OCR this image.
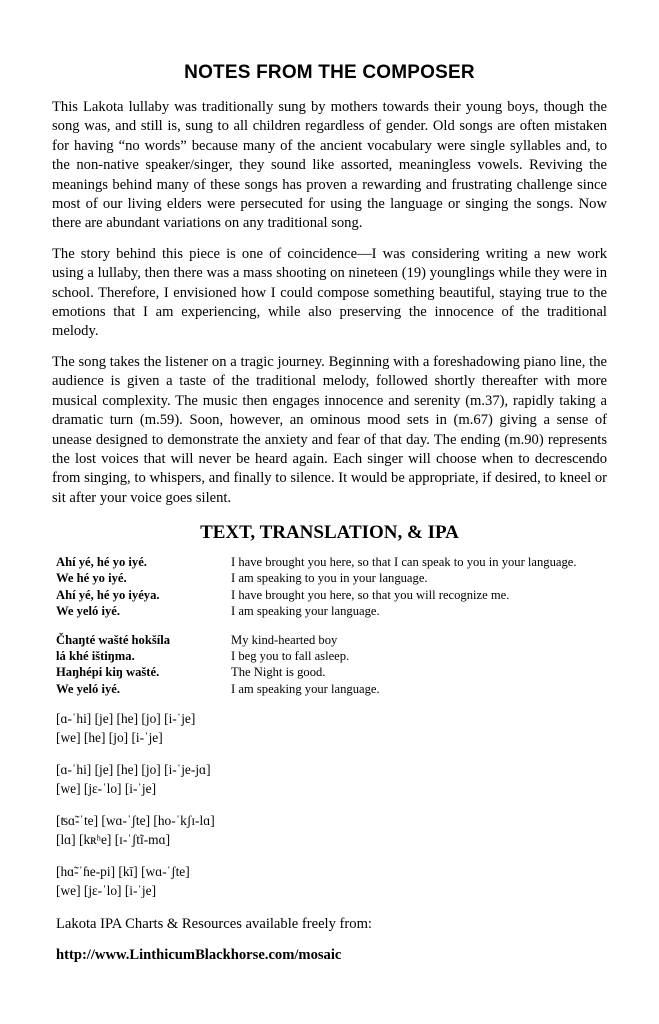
NOTES FROM THE COMPOSER

This Lakota lullaby was traditionally sung by mothers towards their young boys, though the song was, and still is, sung to all children regardless of gender. Old songs are often mistaken for having “no words” because many of the ancient vocabulary were single syllables and, to the non-native speaker/singer, they sound like assorted, meaningless vowels. Reviving the meanings behind many of these songs has proven a rewarding and frustrating challenge since most of our living elders were persecuted for using the language or singing the songs. Now there are abundant variations on any traditional song.

The story behind this piece is one of coincidence—I was considering writing a new work using a lullaby, then there was a mass shooting on nineteen (19) younglings while they were in school. Therefore, I envisioned how I could compose something beautiful, staying true to the emotions that I am experiencing, while also preserving the innocence of the traditional melody.

The song takes the listener on a tragic journey. Beginning with a foreshadowing piano line, the audience is given a taste of the traditional melody, followed shortly thereafter with more musical complexity. The music then engages innocence and serenity (m.37), rapidly taking a dramatic turn (m.59). Soon, however, an ominous mood sets in (m.67) giving a sense of unease designed to demonstrate the anxiety and fear of that day. The ending (m.90) represents the lost voices that will never be heard again. Each singer will choose when to decrescendo from singing, to whispers, and finally to silence. It would be appropriate, if desired, to kneel or sit after your voice goes silent.

TEXT, TRANSLATION, & IPA
Ahí yé, hé yo iyé.	I have brought you here, so that I can speak to you in your language.
We hé yo iyé.	I am speaking to you in your language.
Ahí yé, hé yo iyéya.	I have brought you here, so that you will recognize me.
We yeló iyé.	I am speaking your language.
Čhaŋté wašté hokšíla	My kind-hearted boy
lá khé ištiŋma.	I beg you to fall asleep.
Haŋhépi kiŋ wašté.	The Night is good.
We yeló iyé.	I am speaking your language.
[ɑ-ˈhi] [je] [he] [jo] [i-ˈje]
[we] [he] [jo] [i-ˈje]
[ɑ-ˈhi] [je] [he] [jo] [i-ˈje-jɑ]
[we] [jɛ-ˈlo] [i-ˈje]
[ʦɑ̃-ˈte] [wɑ-ˈʃte] [ho-ˈkʃɪ-lɑ]
[lɑ] [kʀʰe] [ɪ-ˈʃtĩ-mɑ]
[hɑ̃-ˈɦe-pi] [kī] [wɑ-ˈʃte]
[we] [jɛ-ˈlo] [i-ˈje]

Lakota IPA Charts & Resources available freely from:

http://www.LinthicumBlackhorse.com/mosaic
